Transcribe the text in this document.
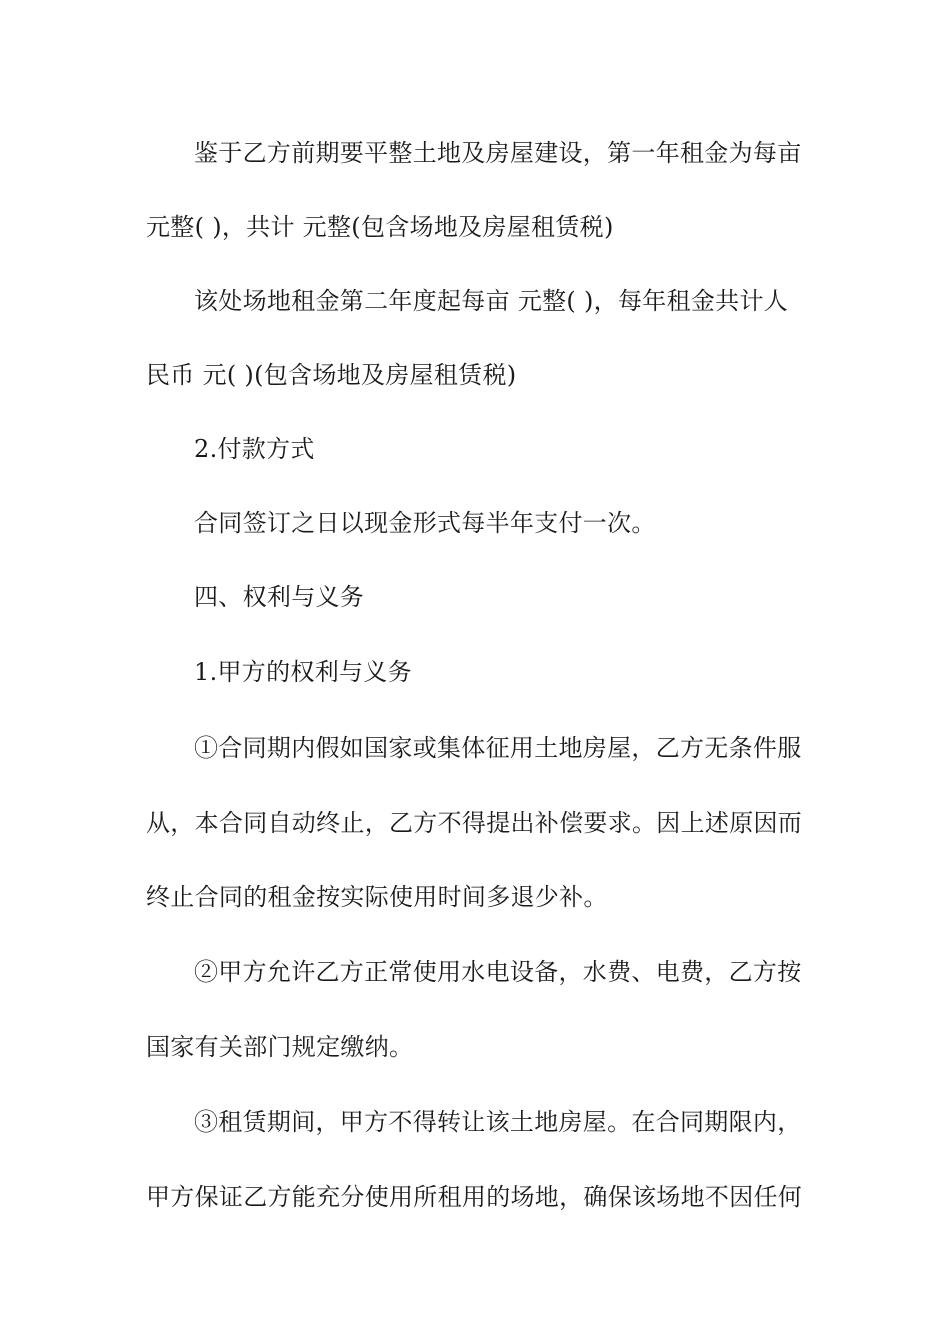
鉴于乙方前期要平整土地及房屋建设，第一年租金为每亩
元整( )，共计 元整(包含场地及房屋租赁税)
该处场地租金第二年度起每亩 元整( )，每年租金共计人
民币 元( )(包含场地及房屋租赁税)
2.付款方式
合同签订之日以现金形式每半年支付一次。
四、权利与义务
1.甲方的权利与义务
①合同期内假如国家或集体征用土地房屋，乙方无条件服
从，本合同自动终止，乙方不得提出补偿要求。因上述原因而
终止合同的租金按实际使用时间多退少补。
②甲方允许乙方正常使用水电设备，水费、电费，乙方按
国家有关部门规定缴纳。
③租赁期间，甲方不得转让该土地房屋。在合同期限内，
甲方保证乙方能充分使用所租用的场地，确保该场地不因任何
